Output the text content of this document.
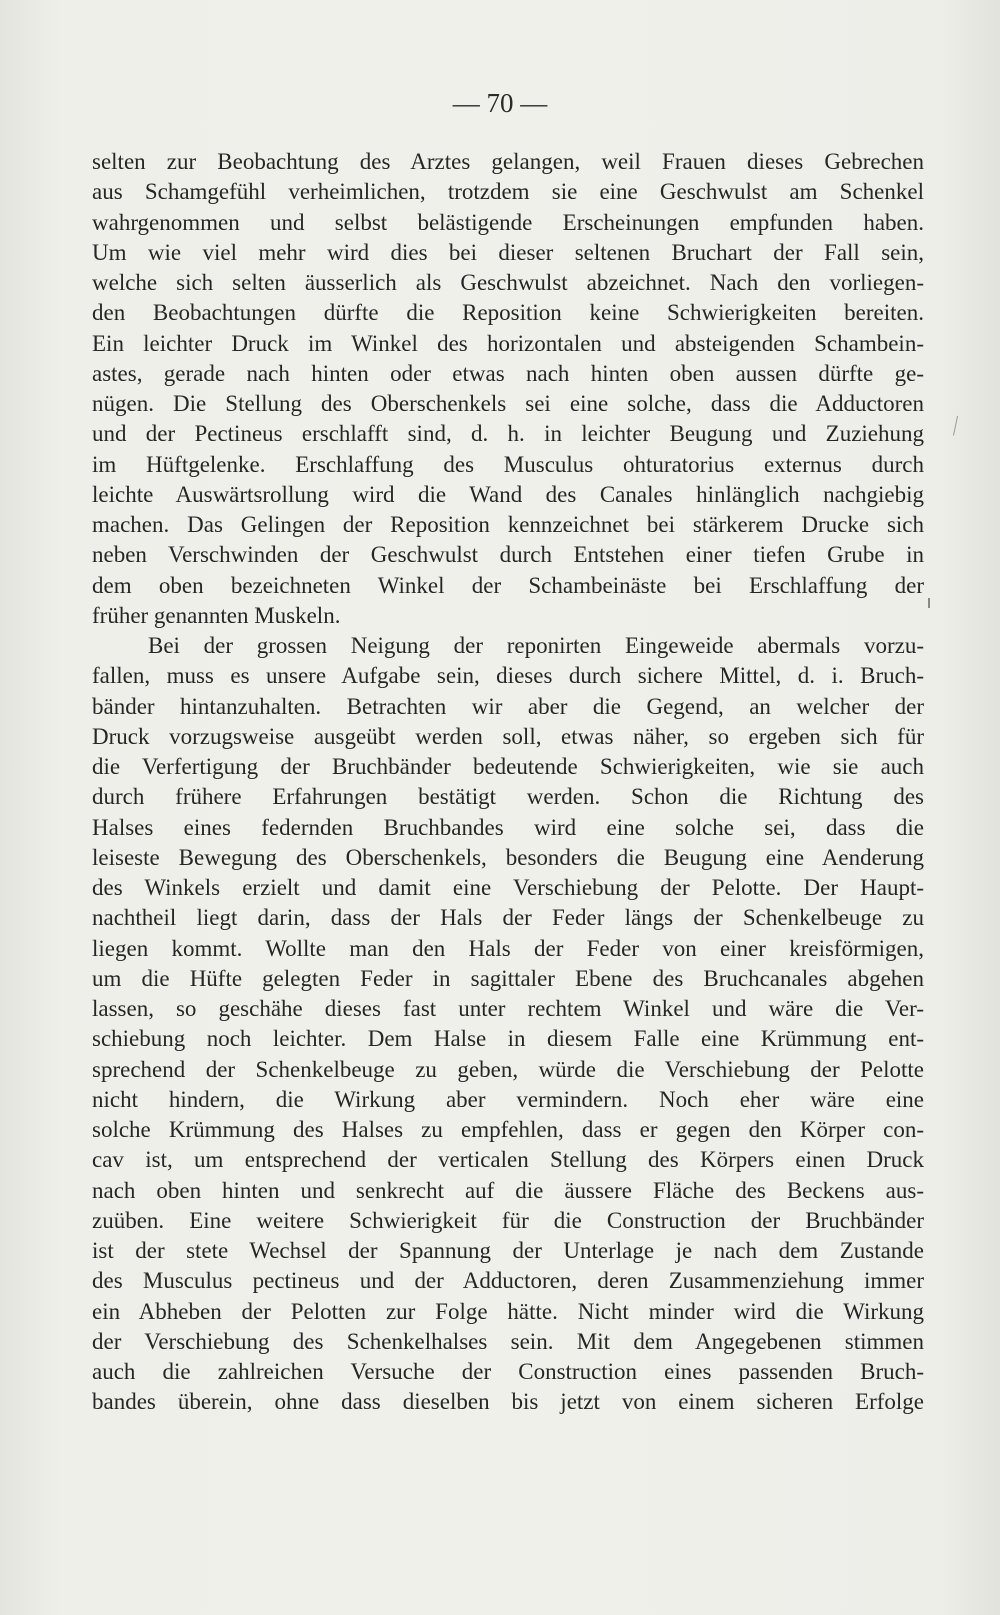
— 70 —

selten zur Beobachtung des Arztes gelangen, weil Frauen dieses Gebrechen
aus Schamgefühl verheimlichen, trotzdem sie eine Geschwulst am Schenkel
wahrgenommen und selbst belästigende Erscheinungen empfunden haben.
Um wie viel mehr wird dies bei dieser seltenen Bruchart der Fall sein,
welche sich selten äusserlich als Geschwulst abzeichnet. Nach den vorliegen-
den Beobachtungen dürfte die Reposition keine Schwierigkeiten bereiten.
Ein leichter Druck im Winkel des horizontalen und absteigenden Schambein-
astes, gerade nach hinten oder etwas nach hinten oben aussen dürfte ge-
nügen. Die Stellung des Oberschenkels sei eine solche, dass die Adductoren
und der Pectineus erschlafft sind, d. h. in leichter Beugung und Zuziehung
im Hüftgelenke. Erschlaffung des Musculus ohturatorius externus durch
leichte Auswärtsrollung wird die Wand des Canales hinlänglich nachgiebig
machen. Das Gelingen der Reposition kennzeichnet bei stärkerem Drucke sich
neben Verschwinden der Geschwulst durch Entstehen einer tiefen Grube in
dem oben bezeichneten Winkel der Schambeinäste bei Erschlaffung der
früher genannten Muskeln.
Bei der grossen Neigung der reponirten Eingeweide abermals vorzu-
fallen, muss es unsere Aufgabe sein, dieses durch sichere Mittel, d. i. Bruch-
bänder hintanzuhalten. Betrachten wir aber die Gegend, an welcher der
Druck vorzugsweise ausgeübt werden soll, etwas näher, so ergeben sich für
die Verfertigung der Bruchbänder bedeutende Schwierigkeiten, wie sie auch
durch frühere Erfahrungen bestätigt werden. Schon die Richtung des
Halses eines federnden Bruchbandes wird eine solche sei, dass die
leiseste Bewegung des Oberschenkels, besonders die Beugung eine Aenderung
des Winkels erzielt und damit eine Verschiebung der Pelotte. Der Haupt-
nachtheil liegt darin, dass der Hals der Feder längs der Schenkelbeuge zu
liegen kommt. Wollte man den Hals der Feder von einer kreisförmigen,
um die Hüfte gelegten Feder in sagittaler Ebene des Bruchcanales abgehen
lassen, so geschähe dieses fast unter rechtem Winkel und wäre die Ver-
schiebung noch leichter. Dem Halse in diesem Falle eine Krümmung ent-
sprechend der Schenkelbeuge zu geben, würde die Verschiebung der Pelotte
nicht hindern, die Wirkung aber vermindern. Noch eher wäre eine
solche Krümmung des Halses zu empfehlen, dass er gegen den Körper con-
cav ist, um entsprechend der verticalen Stellung des Körpers einen Druck
nach oben hinten und senkrecht auf die äussere Fläche des Beckens aus-
zuüben. Eine weitere Schwierigkeit für die Construction der Bruchbänder
ist der stete Wechsel der Spannung der Unterlage je nach dem Zustande
des Musculus pectineus und der Adductoren, deren Zusammenziehung immer
ein Abheben der Pelotten zur Folge hätte. Nicht minder wird die Wirkung
der Verschiebung des Schenkelhalses sein. Mit dem Angegebenen stimmen
auch die zahlreichen Versuche der Construction eines passenden Bruch-
bandes überein, ohne dass dieselben bis jetzt von einem sicheren Erfolge
